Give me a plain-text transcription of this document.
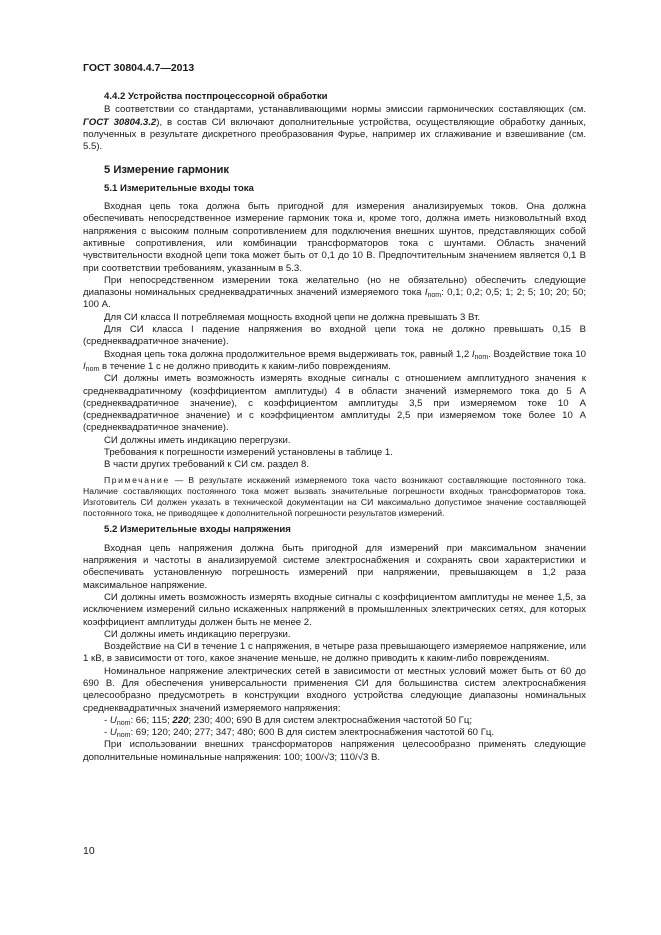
ГОСТ 30804.4.7—2013
4.4.2 Устройства постпроцессорной обработки

В соответствии со стандартами, устанавливающими нормы эмиссии гармонических составляющих (см. ГОСТ 30804.3.2), в состав СИ включают дополнительные устройства, осуществляющие обработку данных, полученных в результате дискретного преобразования Фурье, например их сглаживание и взвешивание (см. 5.5).

5 Измерение гармоник
5.1 Измерительные входы тока

Входная цепь тока должна быть пригодной для измерения анализируемых токов. Она должна обеспечивать непосредственное измерение гармоник тока и, кроме того, должна иметь низковольтный вход напряжения с высоким полным сопротивлением для подключения внешних шунтов, представляющих собой активные сопротивления, или комбинации трансформаторов тока с шунтами. Область значений чувствительности входной цепи тока может быть от 0,1 до 10 В. Предпочтительным значением является 0,1 В при соответствии требованиям, указанным в 5.3.

При непосредственном измерении тока желательно (но не обязательно) обеспечить следующие диапазоны номинальных среднеквадратичных значений измеряемого тока $I_{nom}$: 0,1; 0,2; 0,5; 1; 2; 5; 10; 20; 50; 100 А.

Для СИ класса II потребляемая мощность входной цепи не должна превышать 3 Вт.

Для СИ класса I падение напряжения во входной цепи тока не должно превышать 0,15 В (среднеквадратичное значение).

Входная цепь тока должна продолжительное время выдерживать ток, равный 1,2 $I_{nom}$. Воздействие тока 10 $I_{nom}$ в течение 1 с не должно приводить к каким-либо повреждениям.

СИ должны иметь возможность измерять входные сигналы с отношением амплитудного значения к среднеквадратичному (коэффициентом амплитуды) 4 в области значений измеряемого тока до 5 А (среднеквадратичное значение), с коэффициентом амплитуды 3,5 при измеряемом токе 10 А (среднеквадратичное значение) и с коэффициентом амплитуды 2,5 при измеряемом токе более 10 А (среднеквадратичное значение).

СИ должны иметь индикацию перегрузки.

Требования к погрешности измерений установлены в таблице 1.

В части других требований к СИ см. раздел 8.

Примечание — В результате искажений измеряемого тока часто возникают составляющие постоянного тока. Наличие составляющих постоянного тока может вызвать значительные погрешности входных трансформаторов тока. Изготовитель СИ должен указать в технической документации на СИ максимально допустимое значение составляющей постоянного тока, не приводящее к дополнительной погрешности результатов измерений.

5.2 Измерительные входы напряжения

Входная цепь напряжения должна быть пригодной для измерений при максимальном значении напряжения и частоты в анализируемой системе электроснабжения и сохранять свои характеристики и обеспечивать установленную погрешность измерений при напряжении, превышающем в 1,2 раза максимальное напряжение.

СИ должны иметь возможность измерять входные сигналы с коэффициентом амплитуды не менее 1,5, за исключением измерений сильно искаженных напряжений в промышленных электрических сетях, для которых коэффициент амплитуды должен быть не менее 2.

СИ должны иметь индикацию перегрузки.

Воздействие на СИ в течение 1 с напряжения, в четыре раза превышающего измеряемое напряжение, или 1 кВ, в зависимости от того, какое значение меньше, не должно приводить к каким-либо повреждениям.

Номинальное напряжение электрических сетей в зависимости от местных условий может быть от 60 до 690 В. Для обеспечения универсальности применения СИ для большинства систем электроснабжения целесообразно предусмотреть в конструкции входного устройства следующие диапазоны номинальных среднеквадратичных значений измеряемого напряжения:

- $U_{nom}$: 66; 115; 220; 230; 400; 690 В для систем электроснабжения частотой 50 Гц;

- $U_{nom}$: 69; 120; 240; 277; 347; 480; 600 В для систем электроснабжения частотой 60 Гц.

При использовании внешних трансформаторов напряжения целесообразно применять следующие дополнительные номинальные напряжения: 100; 100/√3; 110/√3 В.

10
